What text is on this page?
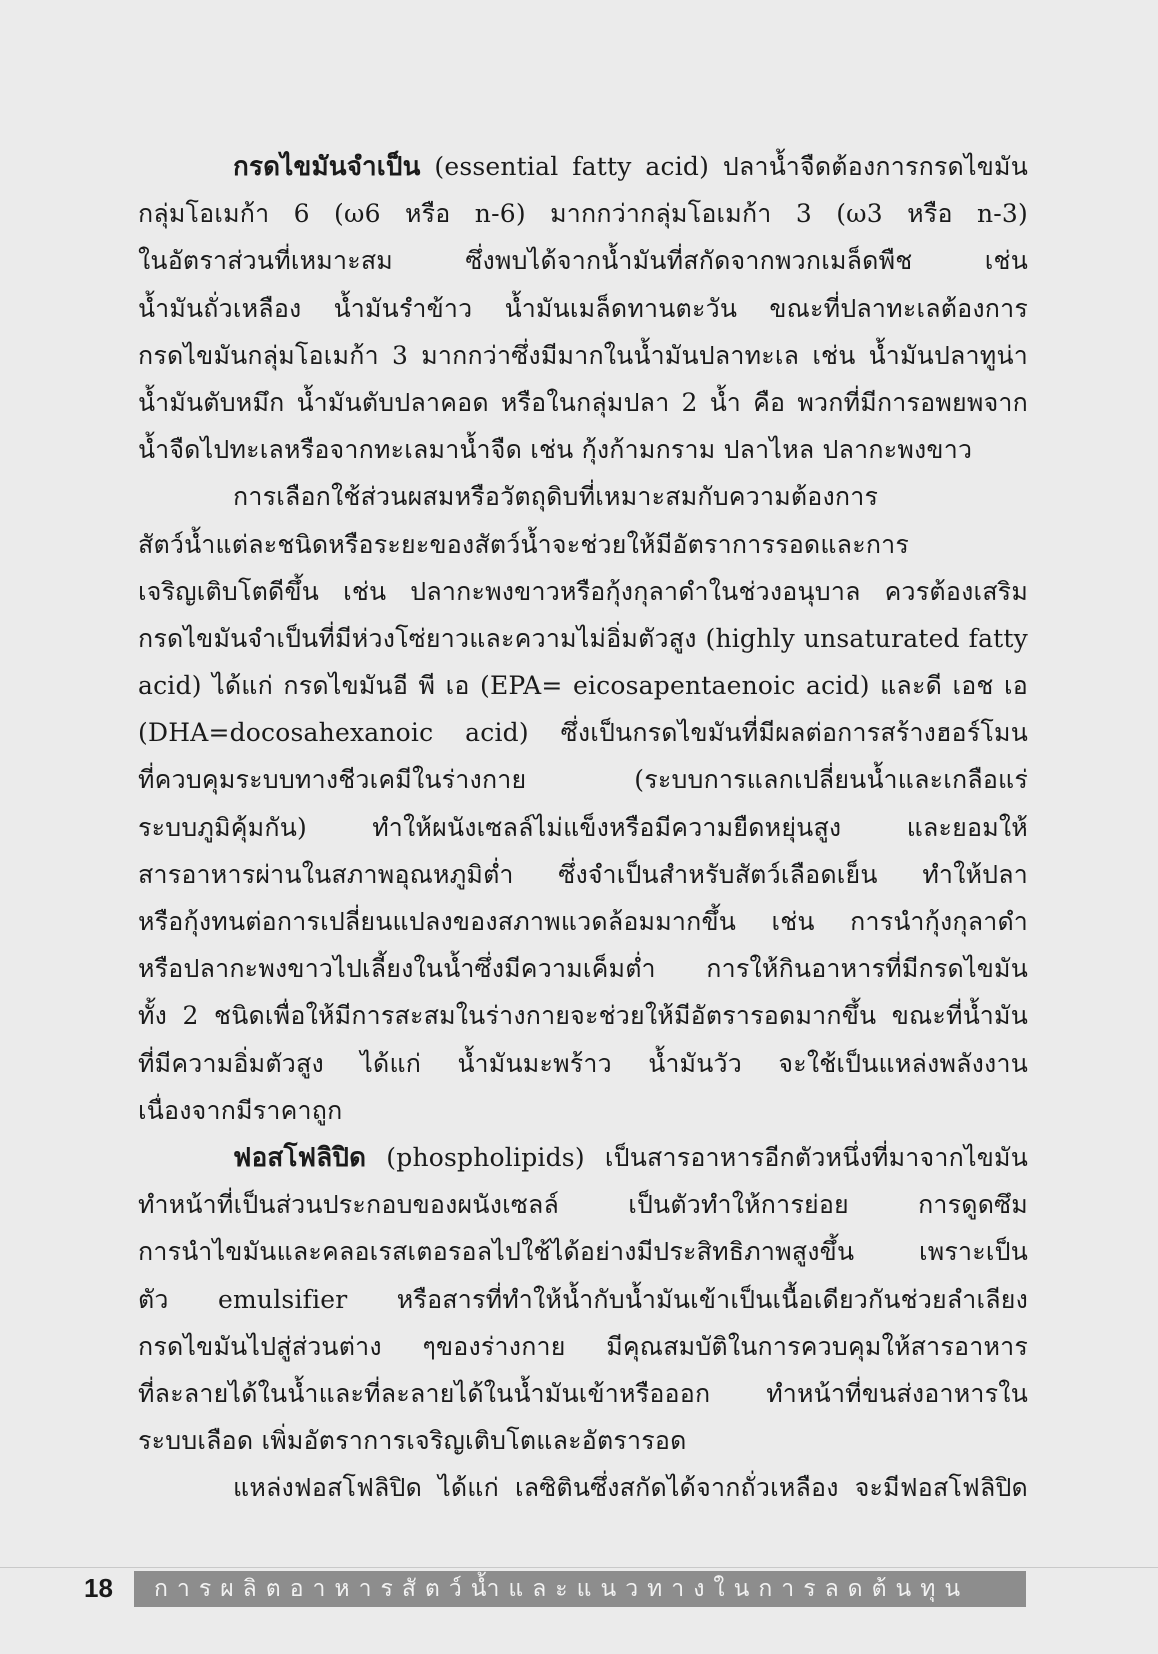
กรดไขมันจำเป็น (essential fatty acid) ปลาน้ำจืดต้องการกรดไขมัน
กลุ่มโอเมก้า 6 (ω6 หรือ n-6) มากกว่ากลุ่มโอเมก้า 3 (ω3 หรือ n-3)
ในอัตราส่วนที่เหมาะสม ซึ่งพบได้จากน้ำมันที่สกัดจากพวกเมล็ดพืช เช่น
น้ำมันถั่วเหลือง น้ำมันรำข้าว น้ำมันเมล็ดทานตะวัน ขณะที่ปลาทะเลต้องการ
กรดไขมันกลุ่มโอเมก้า 3 มากกว่าซึ่งมีมากในน้ำมันปลาทะเล เช่น น้ำมันปลาทูน่า
น้ำมันตับหมึก น้ำมันตับปลาคอด หรือในกลุ่มปลา 2 น้ำ คือ พวกที่มีการอพยพจาก
น้ำจืดไปทะเลหรือจากทะเลมาน้ำจืด เช่น กุ้งก้ามกราม ปลาไหล ปลากะพงขาว
การเลือกใช้ส่วนผสมหรือวัตถุดิบที่เหมาะสมกับความต้องการ
สัตว์น้ำแต่ละชนิดหรือระยะของสัตว์น้ำจะช่วยให้มีอัตราการรอดและการ
เจริญเติบโตดีขึ้น เช่น ปลากะพงขาวหรือกุ้งกุลาดำในช่วงอนุบาล ควรต้องเสริม
กรดไขมันจำเป็นที่มีห่วงโซ่ยาวและความไม่อิ่มตัวสูง (highly unsaturated fatty
acid) ได้แก่ กรดไขมันอี พี เอ (EPA= eicosapentaenoic acid) และดี เอช เอ
(DHA=docosahexanoic acid) ซึ่งเป็นกรดไขมันที่มีผลต่อการสร้างฮอร์โมน
ที่ควบคุมระบบทางชีวเคมีในร่างกาย (ระบบการแลกเปลี่ยนน้ำและเกลือแร่
ระบบภูมิคุ้มกัน) ทำให้ผนังเซลล์ไม่แข็งหรือมีความยืดหยุ่นสูง และยอมให้
สารอาหารผ่านในสภาพอุณหภูมิต่ำ ซึ่งจำเป็นสำหรับสัตว์เลือดเย็น ทำให้ปลา
หรือกุ้งทนต่อการเปลี่ยนแปลงของสภาพแวดล้อมมากขึ้น เช่น การนำกุ้งกุลาดำ
หรือปลากะพงขาวไปเลี้ยงในน้ำซึ่งมีความเค็มต่ำ การให้กินอาหารที่มีกรดไขมัน
ทั้ง 2 ชนิดเพื่อให้มีการสะสมในร่างกายจะช่วยให้มีอัตรารอดมากขึ้น ขณะที่น้ำมัน
ที่มีความอิ่มตัวสูง ได้แก่ น้ำมันมะพร้าว น้ำมันวัว จะใช้เป็นแหล่งพลังงาน
เนื่องจากมีราคาถูก
ฟอสโฟลิปิด (phospholipids) เป็นสารอาหารอีกตัวหนึ่งที่มาจากไขมัน
ทำหน้าที่เป็นส่วนประกอบของผนังเซลล์ เป็นตัวทำให้การย่อย การดูดซึม
การนำไขมันและคลอเรสเตอรอลไปใช้ได้อย่างมีประสิทธิภาพสูงขึ้น เพราะเป็น
ตัว emulsifier หรือสารที่ทำให้น้ำกับน้ำมันเข้าเป็นเนื้อเดียวกันช่วยลำเลียง
กรดไขมันไปสู่ส่วนต่าง ๆของร่างกาย มีคุณสมบัติในการควบคุมให้สารอาหาร
ที่ละลายได้ในน้ำและที่ละลายได้ในน้ำมันเข้าหรือออก ทำหน้าที่ขนส่งอาหารใน
ระบบเลือด เพิ่มอัตราการเจริญเติบโตและอัตรารอด
แหล่งฟอสโฟลิปิด ได้แก่ เลซิตินซึ่งสกัดได้จากถั่วเหลือง จะมีฟอสโฟลิปิด
18	การผลิตอาหารสัตว์น้ำและแนวทางในการลดต้นทุน
